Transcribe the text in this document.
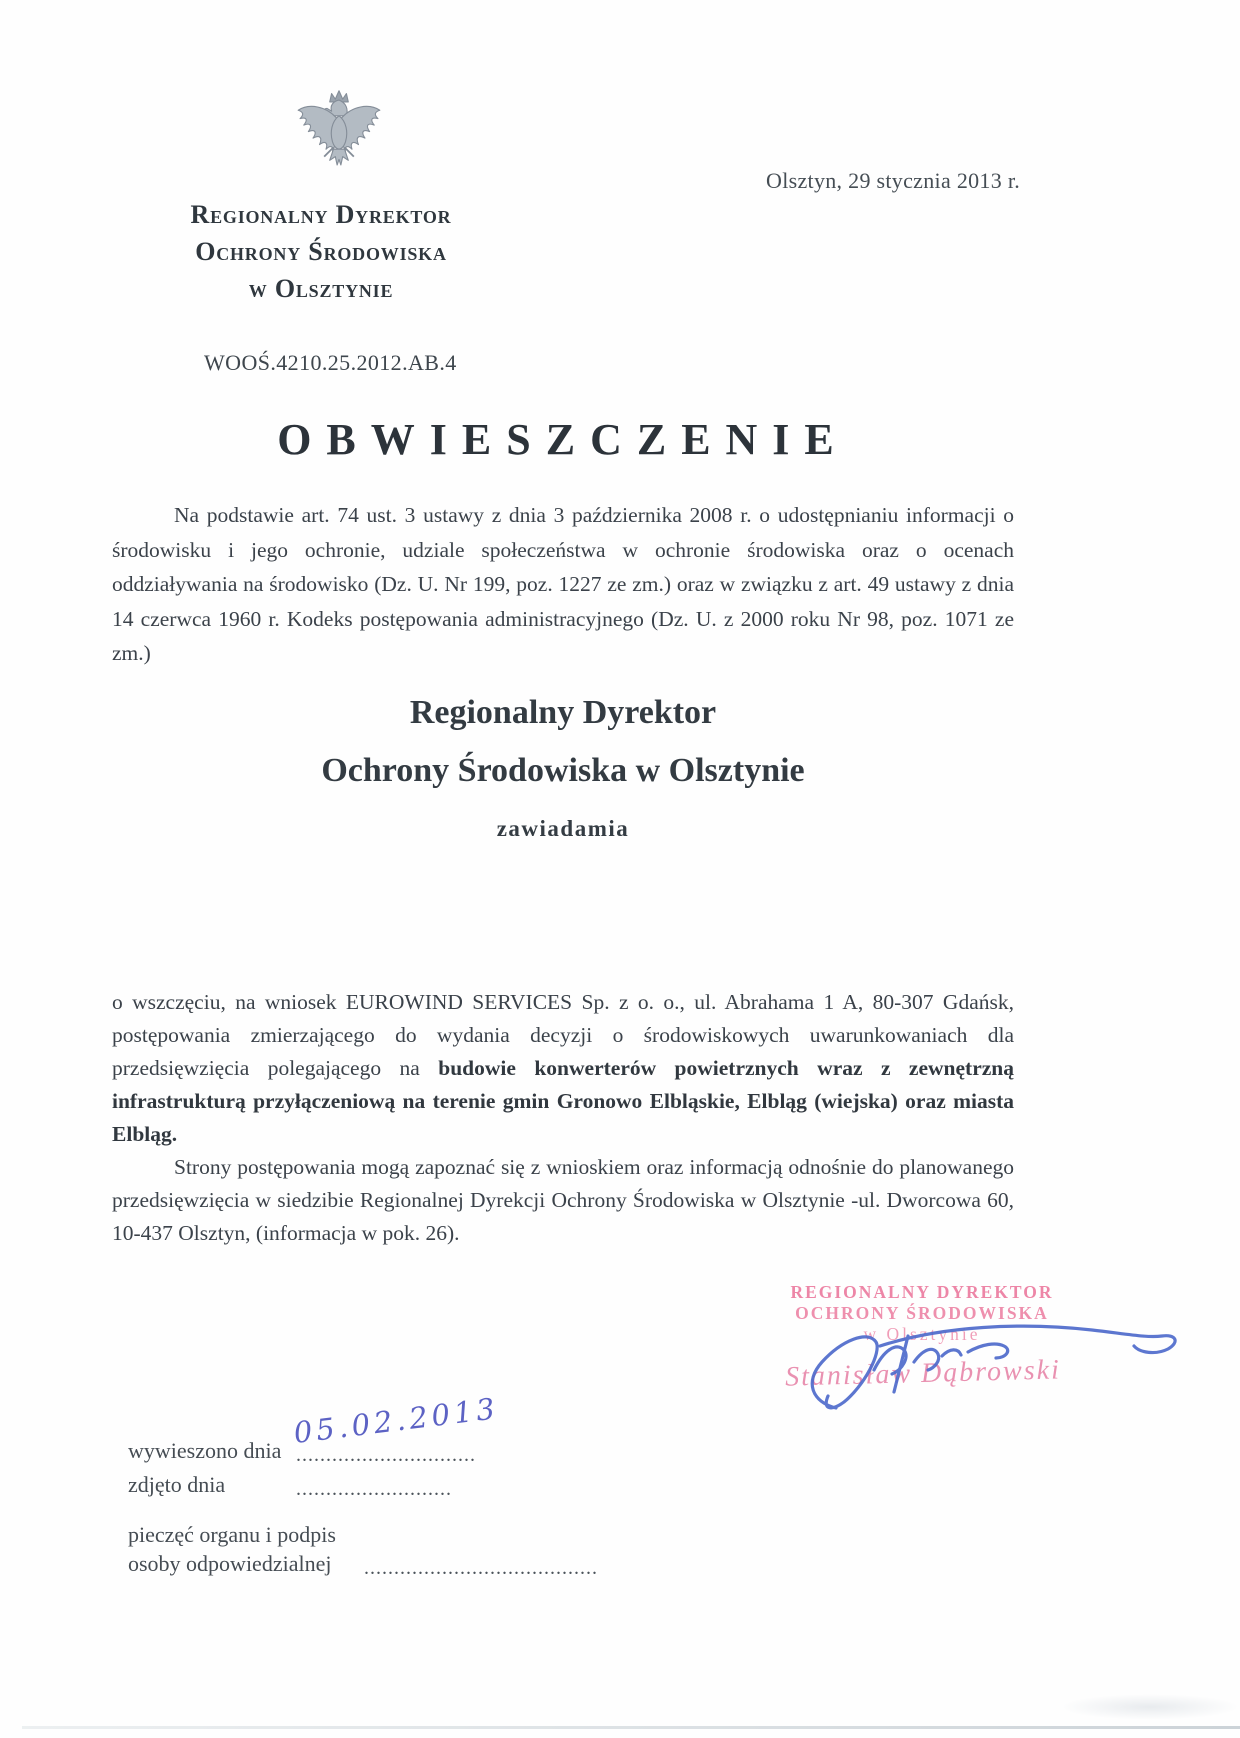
Olsztyn, 29 stycznia 2013 r.
Regionalny Dyrektor
Ochrony Środowiska
w Olsztynie
WOOŚ.4210.25.2012.AB.4
OBWIESZCZENIE

Na podstawie art. 74 ust. 3 ustawy z dnia 3 października 2008 r. o udostępnianiu informacji o środowisku i jego ochronie, udziale społeczeństwa w ochronie środowiska oraz o ocenach oddziaływania na środowisko (Dz. U. Nr 199, poz. 1227 ze zm.) oraz w związku z art. 49 ustawy z dnia 14 czerwca 1960 r. Kodeks postępowania administracyjnego (Dz. U. z 2000 roku Nr 98, poz. 1071 ze zm.)

Regionalny Dyrektor
Ochrony Środowiska w Olsztynie
zawiadamia

o wszczęciu, na wniosek EUROWIND SERVICES Sp. z o. o., ul. Abrahama 1 A, 80-307 Gdańsk, postępowania zmierzającego do wydania decyzji o środowiskowych uwarunkowaniach dla przedsięwzięcia polegającego na budowie konwerterów powietrznych wraz z zewnętrzną infrastrukturą przyłączeniową na terenie gmin Gronowo Elbląskie, Elbląg (wiejska) oraz miasta Elbląg.

Strony postępowania mogą zapoznać się z wnioskiem oraz informacją odnośnie do planowanego przedsięwzięcia w siedzibie Regionalnej Dyrekcji Ochrony Środowiska w Olsztynie -ul. Dworcowa 60, 10-437 Olsztyn, (informacja w pok. 26).

REGIONALNY DYREKTOR
OCHRONY ŚRODOWISKA
w Olsztynie
Stanisław Dąbrowski
wywieszono dnia ..............................
05.02.2013
zdjęto dnia	..........................
pieczęć organu i podpis
osoby odpowiedzialnej .......................................
